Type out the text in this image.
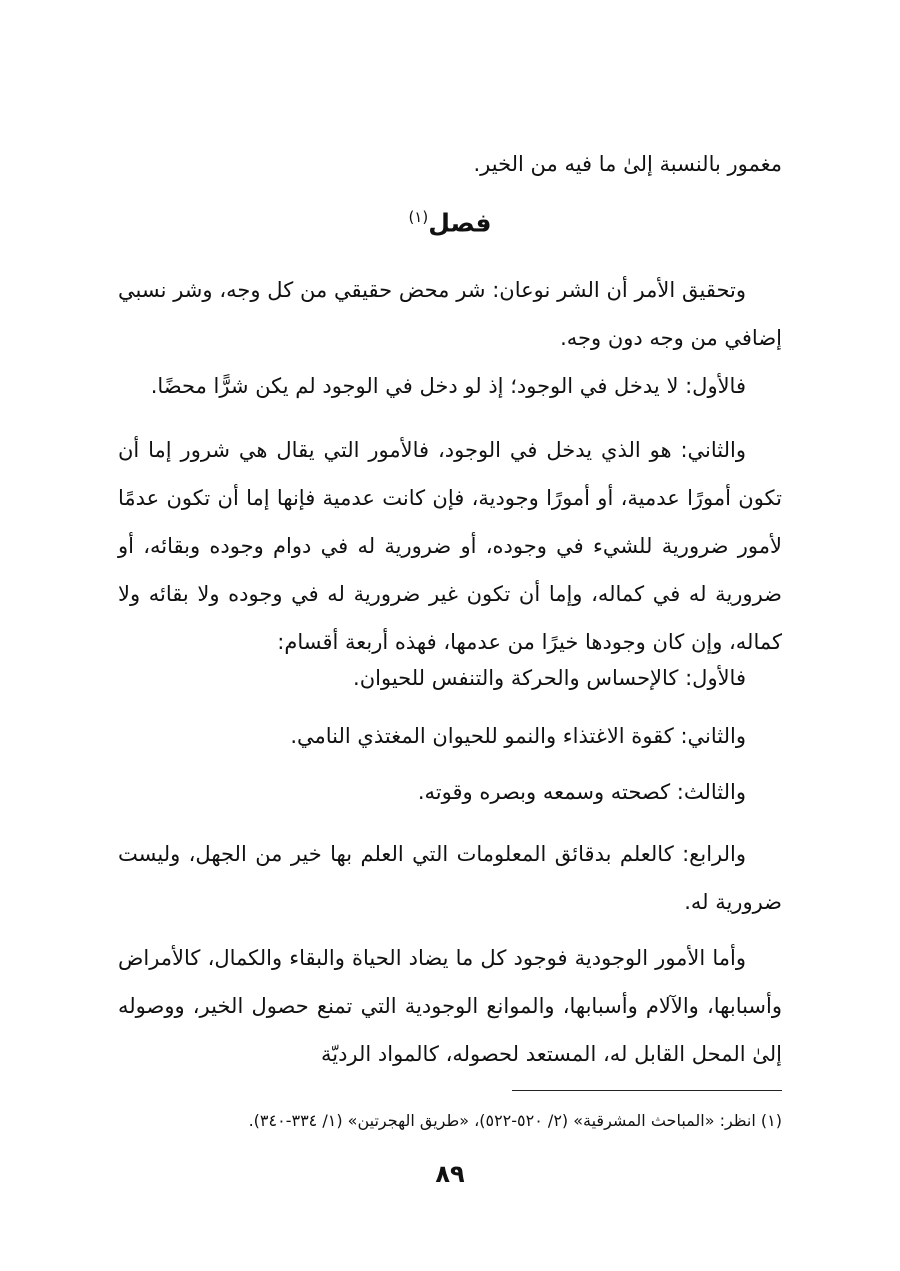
مغمور بالنسبة إلىٰ ما فيه من الخير.
فصل$^{(١)}$
وتحقيق الأمر أن الشر نوعان: شر محض حقيقي من كل وجه، وشر نسبي إضافي من وجه دون وجه.
فالأول: لا يدخل في الوجود؛ إذ لو دخل في الوجود لم يكن شرًّا محضًا.
والثاني: هو الذي يدخل في الوجود، فالأمور التي يقال هي شرور إما أن تكون أمورًا عدمية، أو أمورًا وجودية، فإن كانت عدمية فإنها إما أن تكون عدمًا لأمور ضرورية للشيء في وجوده، أو ضرورية له في دوام وجوده وبقائه، أو ضرورية له في كماله، وإما أن تكون غير ضرورية له في وجوده ولا بقائه ولا كماله، وإن كان وجودها خيرًا من عدمها، فهذه أربعة أقسام:
فالأول: كالإحساس والحركة والتنفس للحيوان.
والثاني: كقوة الاغتذاء والنمو للحيوان المغتذي النامي.
والثالث: كصحته وسمعه وبصره وقوته.
والرابع: كالعلم بدقائق المعلومات التي العلم بها خير من الجهل، وليست ضرورية له.
وأما الأمور الوجودية فوجود كل ما يضاد الحياة والبقاء والكمال، كالأمراض وأسبابها، والآلام وأسبابها، والموانع الوجودية التي تمنع حصول الخير، ووصوله إلىٰ المحل القابل له، المستعد لحصوله، كالمواد الرديّة
(١) انظر: «المباحث المشرقية» (٢/ ٥٢٠-٥٢٢)، «طريق الهجرتين» (١/ ٣٣٤-٣٤٠).
٨٩
